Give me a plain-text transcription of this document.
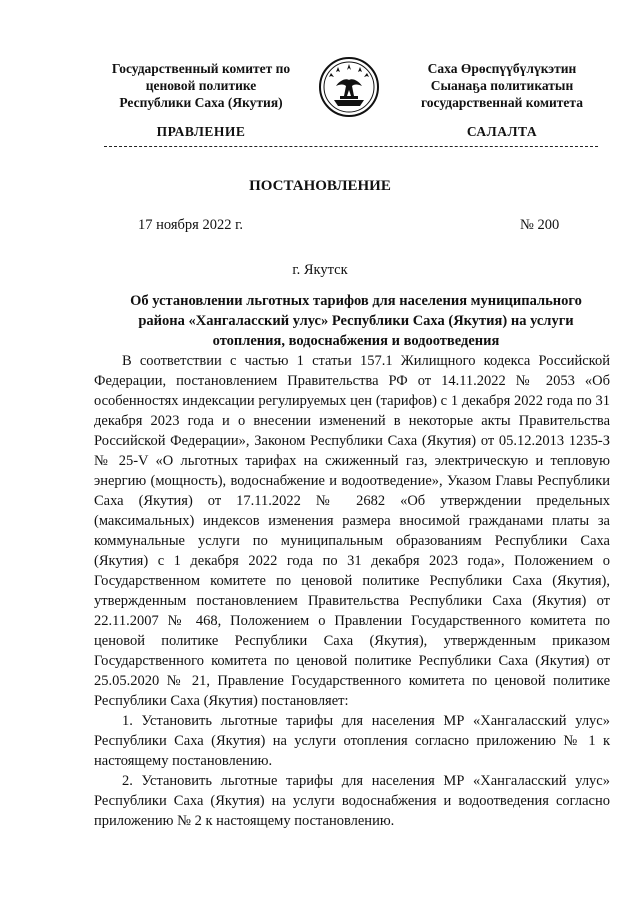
Государственный комитет по
ценовой политике
Республики Саха (Якутия)
Саха Өрөспүүбүлүкэтин
Сыанаҕа политикатын
государственнай комитета
ПРАВЛЕНИЕ	САЛАЛТА
ПОСТАНОВЛЕНИЕ
17 ноября 2022 г.	№ 200
г. Якутск
Об установлении льготных тарифов для населения муниципального
района «Хангаласский улус» Республики Саха (Якутия) на услуги
отопления, водоснабжения и водоотведения

В соответствии с частью 1 статьи 157.1 Жилищного кодекса Российской Федерации, постановлением Правительства РФ от 14.11.2022 № 2053 «Об особенностях индексации регулируемых цен (тарифов) с 1 декабря 2022 года по 31 декабря 2023 года и о внесении изменений в некоторые акты Правительства Российской Федерации», Законом Республики Саха (Якутия) от 05.12.2013 1235-З № 25-V «О льготных тарифах на сжиженный газ, электрическую и тепловую энергию (мощность), водоснабжение и водоотведение», Указом Главы Республики Саха (Якутия) от 17.11.2022 № 2682 «Об утверждении предельных (максимальных) индексов изменения размера вносимой гражданами платы за коммунальные услуги по муниципальным образованиям Республики Саха (Якутия) с 1 декабря 2022 года по 31 декабря 2023 года», Положением о Государственном комитете по ценовой политике Республики Саха (Якутия), утвержденным постановлением Правительства Республики Саха (Якутия) от 22.11.2007 № 468, Положением о Правлении Государственного комитета по ценовой политике Республики Саха (Якутия), утвержденным приказом Государственного комитета по ценовой политике Республики Саха (Якутия) от 25.05.2020 № 21, Правление Государственного комитета по ценовой политике Республики Саха (Якутия) постановляет:

1. Установить льготные тарифы для населения МР «Хангаласский улус» Республики Саха (Якутия) на услуги отопления согласно приложению № 1 к настоящему постановлению.

2. Установить льготные тарифы для населения МР «Хангаласский улус» Республики Саха (Якутия) на услуги водоснабжения и водоотведения согласно приложению № 2 к настоящему постановлению.
